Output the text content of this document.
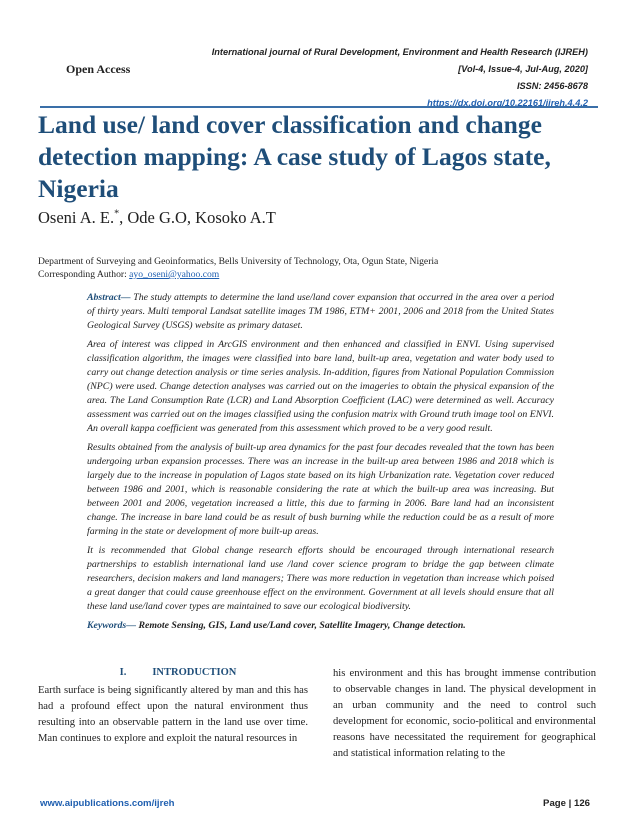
International journal of Rural Development, Environment and Health Research (IJREH)
[Vol-4, Issue-4, Jul-Aug, 2020]
ISSN: 2456-8678
https://dx.doi.org/10.22161/ijreh.4.4.2
Open Access
Land use/ land cover classification and change detection mapping: A case study of Lagos state, Nigeria
Oseni A. E.*, Ode G.O, Kosoko A.T
Department of Surveying and Geoinformatics, Bells University of Technology, Ota, Ogun State, Nigeria
Corresponding Author: ayo_oseni@yahoo.com

Abstract— The study attempts to determine the land use/land cover expansion that occurred in the area over a period of thirty years. Multi temporal Landsat satellite images TM 1986, ETM+ 2001, 2006 and 2018 from the United States Geological Survey (USGS) website as primary dataset.

Area of interest was clipped in ArcGIS environment and then enhanced and classified in ENVI. Using supervised classification algorithm, the images were classified into bare land, built-up area, vegetation and water body used to carry out change detection analysis or time series analysis. In-addition, figures from National Population Commission (NPC) were used. Change detection analyses was carried out on the imageries to obtain the physical expansion of the area. The Land Consumption Rate (LCR) and Land Absorption Coefficient (LAC) were determined as well. Accuracy assessment was carried out on the images classified using the confusion matrix with Ground truth image tool on ENVI. An overall kappa coefficient was generated from this assessment which proved to be a very good result.

Results obtained from the analysis of built-up area dynamics for the past four decades revealed that the town has been undergoing urban expansion processes. There was an increase in the built-up area between 1986 and 2018 which is largely due to the increase in population of Lagos state based on its high Urbanization rate. Vegetation cover reduced between 1986 and 2001, which is reasonable considering the rate at which the built-up area was increasing. But between 2001 and 2006, vegetation increased a little, this due to farming in 2006. Bare land had an inconsistent change. The increase in bare land could be as result of bush burning while the reduction could be as a result of more farming in the state or development of more built-up areas.

It is recommended that Global change research efforts should be encouraged through international research partnerships to establish international land use /land cover science program to bridge the gap between climate researchers, decision makers and land managers; There was more reduction in vegetation than increase which poised a great danger that could cause greenhouse effect on the environment. Government at all levels should ensure that all these land use/land cover types are maintained to save our ecological biodiversity.

Keywords— Remote Sensing, GIS, Land use/Land cover, Satellite Imagery, Change detection.

I. INTRODUCTION
Earth surface is being significantly altered by man and this has had a profound effect upon the natural environment thus resulting into an observable pattern in the land use over time. Man continues to explore and exploit the natural resources in
his environment and this has brought immense contribution to observable changes in land. The physical development in an urban community and the need to control such development for economic, socio-political and environmental reasons have necessitated the requirement for geographical and statistical information relating to the
www.aipublications.com/ijreh	Page | 126
